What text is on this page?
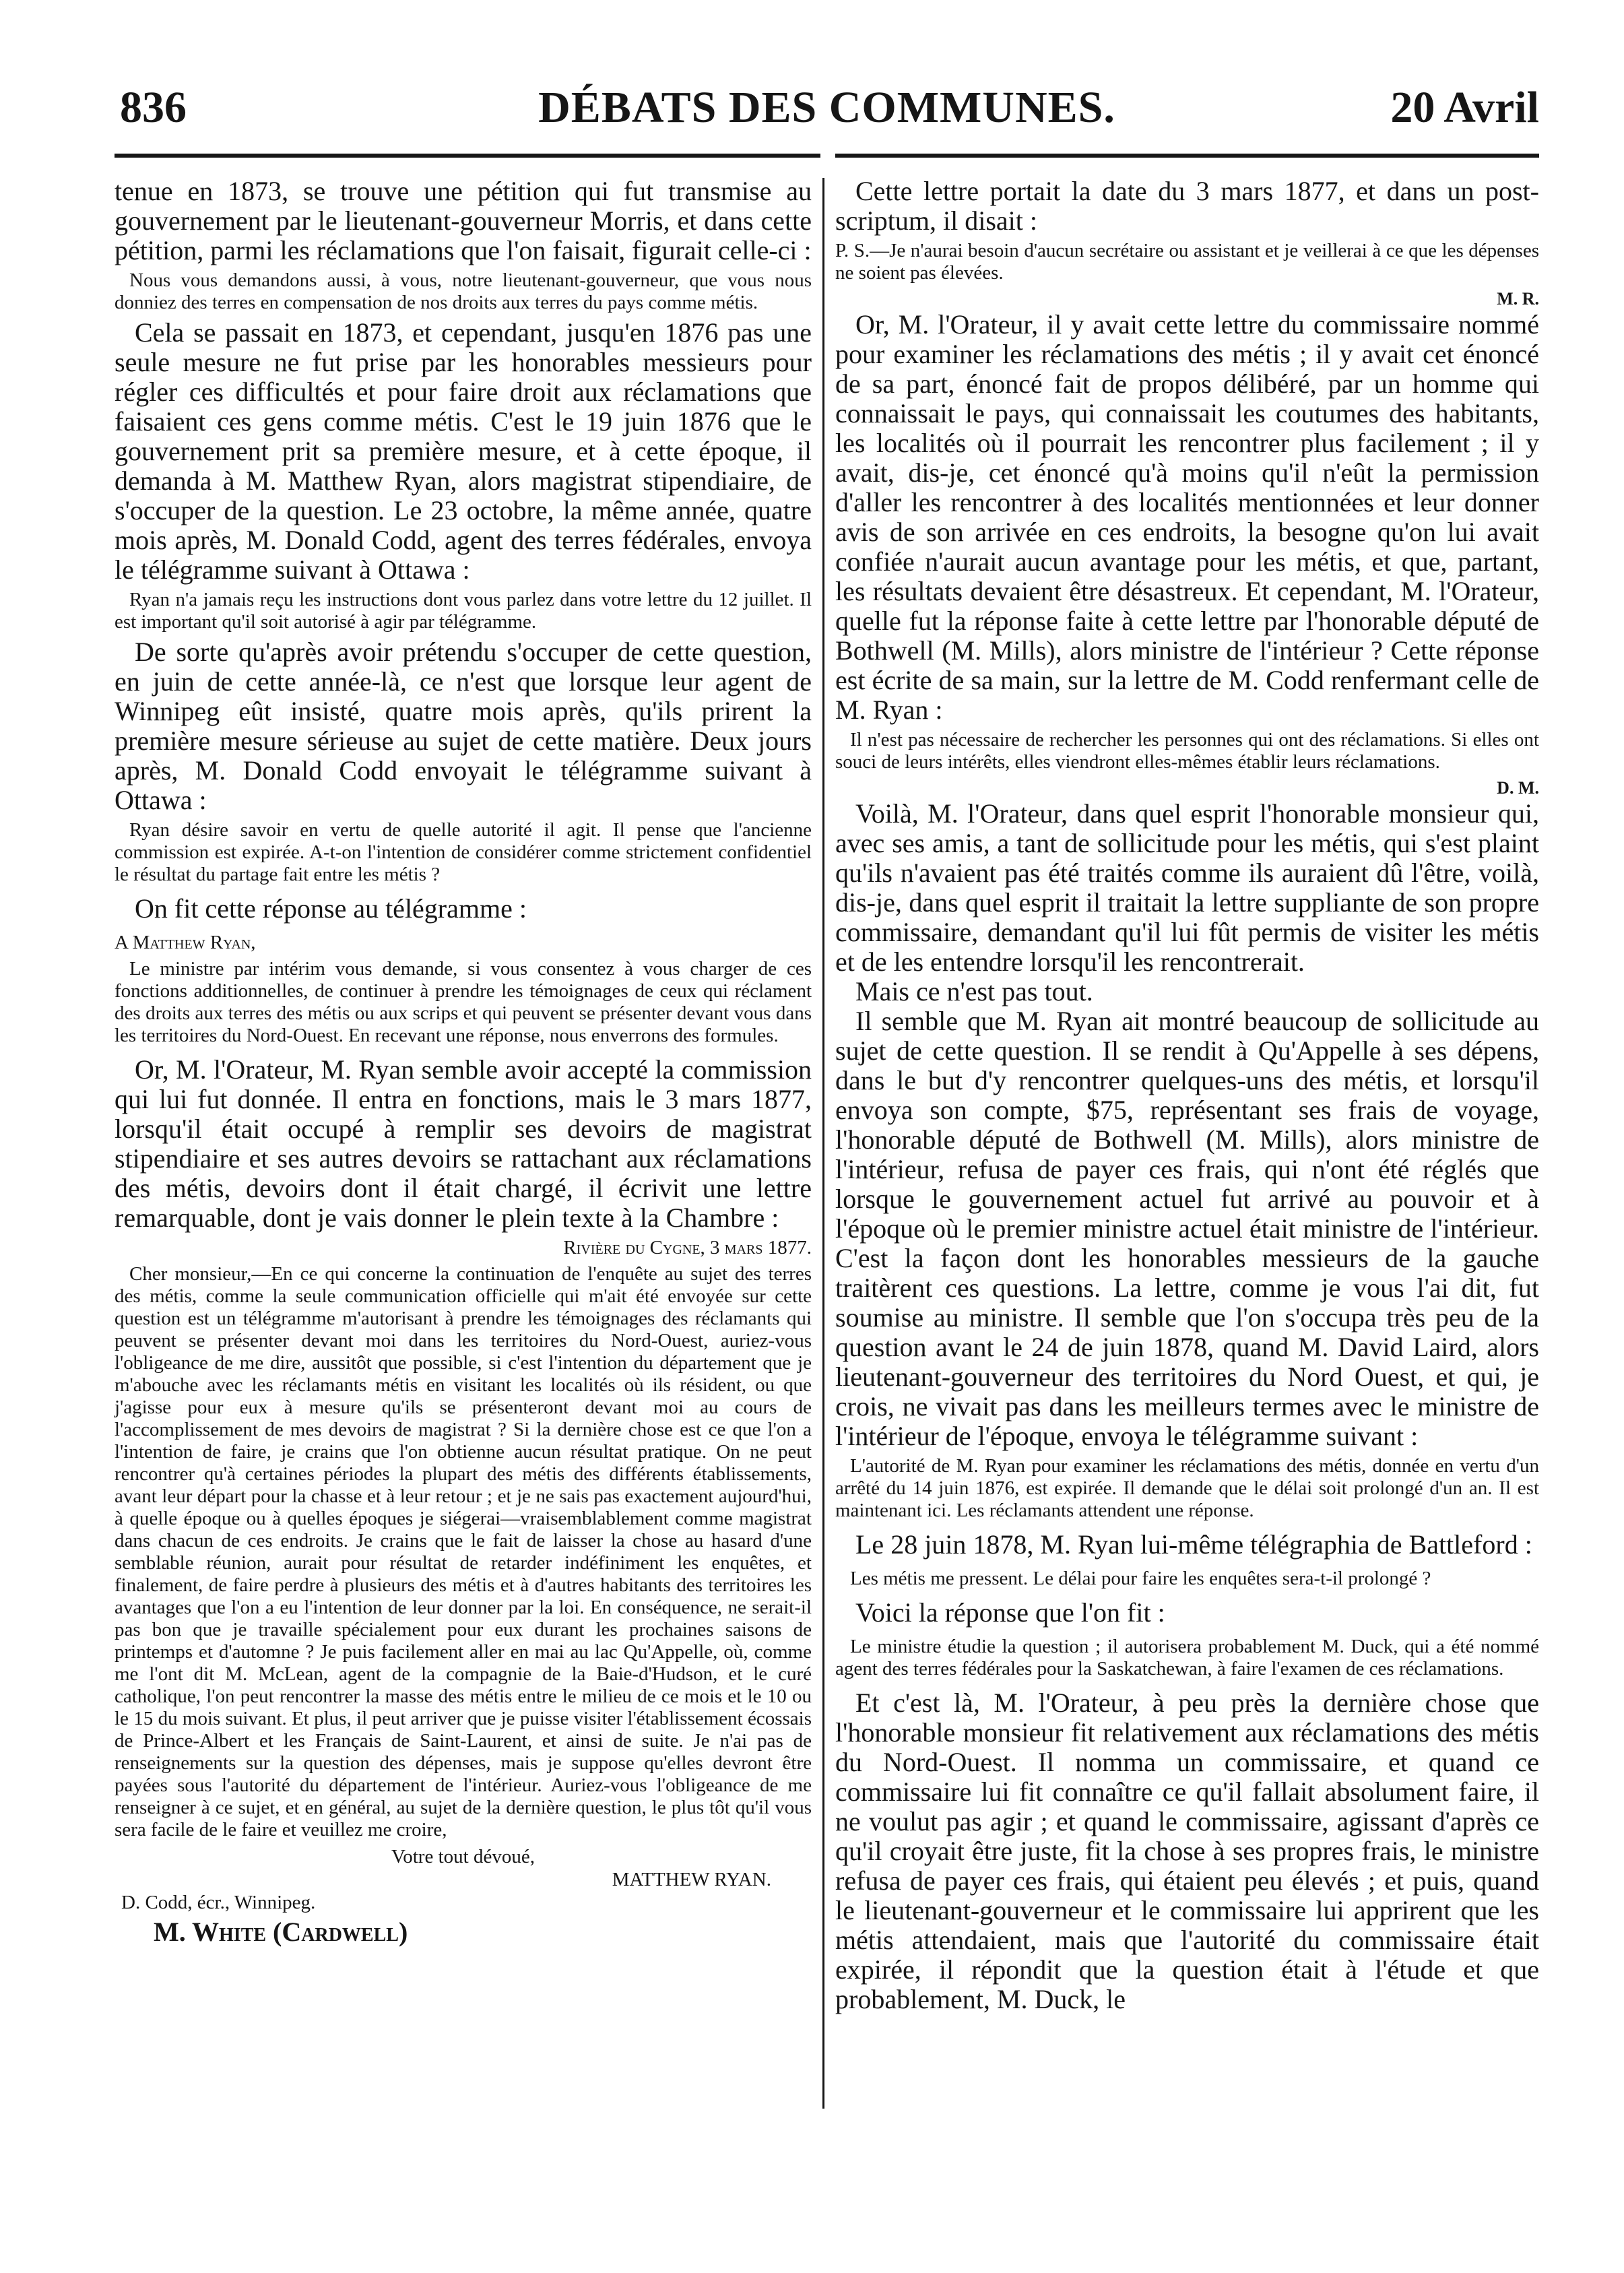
DÉBATS DES COMMUNES.
836	20 Avril

tenue en 1873, se trouve une pétition qui fut transmise au gouvernement par le lieutenant-gouverneur Morris, et dans cette pétition, parmi les réclamations que l'on faisait, figurait celle-ci :

Nous vous demandons aussi, à vous, notre lieutenant-gouverneur, que vous nous donniez des terres en compensation de nos droits aux terres du pays comme métis.

Cela se passait en 1873, et cependant, jusqu'en 1876 pas une seule mesure ne fut prise par les honorables messieurs pour régler ces difficultés et pour faire droit aux réclamations que faisaient ces gens comme métis. C'est le 19 juin 1876 que le gouvernement prit sa première mesure, et à cette époque, il demanda à M. Matthew Ryan, alors magistrat stipendiaire, de s'occuper de la question. Le 23 octobre, la même année, quatre mois après, M. Donald Codd, agent des terres fédérales, envoya le télégramme suivant à Ottawa :

Ryan n'a jamais reçu les instructions dont vous parlez dans votre lettre du 12 juillet. Il est important qu'il soit autorisé à agir par télégramme.

De sorte qu'après avoir prétendu s'occuper de cette question, en juin de cette année-là, ce n'est que lorsque leur agent de Winnipeg eût insisté, quatre mois après, qu'ils prirent la première mesure sérieuse au sujet de cette matière. Deux jours après, M. Donald Codd envoyait le télégramme suivant à Ottawa :

Ryan désire savoir en vertu de quelle autorité il agit. Il pense que l'ancienne commission est expirée. A-t-on l'intention de considérer comme strictement confidentiel le résultat du partage fait entre les métis ?

On fit cette réponse au télégramme :

A Matthew Ryan,

Le ministre par intérim vous demande, si vous consentez à vous charger de ces fonctions additionnelles, de continuer à prendre les témoignages de ceux qui réclament des droits aux terres des métis ou aux scrips et qui peuvent se présenter devant vous dans les territoires du Nord-Ouest. En recevant une réponse, nous enverrons des formules.

Or, M. l'Orateur, M. Ryan semble avoir accepté la commission qui lui fut donnée. Il entra en fonctions, mais le 3 mars 1877, lorsqu'il était occupé à remplir ses devoirs de magistrat stipendiaire et ses autres devoirs se rattachant aux réclamations des métis, devoirs dont il était chargé, il écrivit une lettre remarquable, dont je vais donner le plein texte à la Chambre :

Rivière du Cygne, 3 mars 1877.

Cher monsieur,—En ce qui concerne la continuation de l'enquête au sujet des terres des métis, comme la seule communication officielle qui m'ait été envoyée sur cette question est un télégramme m'autorisant à prendre les témoignages des réclamants qui peuvent se présenter devant moi dans les territoires du Nord-Ouest, auriez-vous l'obligeance de me dire, aussitôt que possible, si c'est l'intention du département que je m'abouche avec les réclamants métis en visitant les localités où ils résident, ou que j'agisse pour eux à mesure qu'ils se présenteront devant moi au cours de l'accomplissement de mes devoirs de magistrat ? Si la dernière chose est ce que l'on a l'intention de faire, je crains que l'on obtienne aucun résultat pratique. On ne peut rencontrer qu'à certaines périodes la plupart des métis des différents établissements, avant leur départ pour la chasse et à leur retour ; et je ne sais pas exactement aujourd'hui, à quelle époque ou à quelles époques je siégerai—vraisemblablement comme magistrat dans chacun de ces endroits. Je crains que le fait de laisser la chose au hasard d'une semblable réunion, aurait pour résultat de retarder indéfiniment les enquêtes, et finalement, de faire perdre à plusieurs des métis et à d'autres habitants des territoires les avantages que l'on a eu l'intention de leur donner par la loi. En conséquence, ne serait-il pas bon que je travaille spécialement pour eux durant les prochaines saisons de printemps et d'automne ? Je puis facilement aller en mai au lac Qu'Appelle, où, comme me l'ont dit M. McLean, agent de la compagnie de la Baie-d'Hudson, et le curé catholique, l'on peut rencontrer la masse des métis entre le milieu de ce mois et le 10 ou le 15 du mois suivant. Et plus, il peut arriver que je puisse visiter l'établissement écossais de Prince-Albert et les Français de Saint-Laurent, et ainsi de suite. Je n'ai pas de renseignements sur la question des dépenses, mais je suppose qu'elles devront être payées sous l'autorité du département de l'intérieur. Auriez-vous l'obligeance de me renseigner à ce sujet, et en général, au sujet de la dernière question, le plus tôt qu'il vous sera facile de le faire et veuillez me croire,

Votre tout dévoué,

MATTHEW RYAN.

D. Codd, écr., Winnipeg.

M. White (Cardwell)

Cette lettre portait la date du 3 mars 1877, et dans un post-scriptum, il disait :

P. S.—Je n'aurai besoin d'aucun secrétaire ou assistant et je veillerai à ce que les dépenses ne soient pas élevées.

M. R.

Or, M. l'Orateur, il y avait cette lettre du commissaire nommé pour examiner les réclamations des métis ; il y avait cet énoncé de sa part, énoncé fait de propos délibéré, par un homme qui connaissait le pays, qui connaissait les coutumes des habitants, les localités où il pourrait les rencontrer plus facilement ; il y avait, dis-je, cet énoncé qu'à moins qu'il n'eût la permission d'aller les rencontrer à des localités mentionnées et leur donner avis de son arrivée en ces endroits, la besogne qu'on lui avait confiée n'aurait aucun avantage pour les métis, et que, partant, les résultats devaient être désastreux. Et cependant, M. l'Orateur, quelle fut la réponse faite à cette lettre par l'honorable député de Bothwell (M. Mills), alors ministre de l'intérieur ? Cette réponse est écrite de sa main, sur la lettre de M. Codd renfermant celle de M. Ryan :

Il n'est pas nécessaire de rechercher les personnes qui ont des réclamations. Si elles ont souci de leurs intérêts, elles viendront elles-mêmes établir leurs réclamations.

D. M.

Voilà, M. l'Orateur, dans quel esprit l'honorable monsieur qui, avec ses amis, a tant de sollicitude pour les métis, qui s'est plaint qu'ils n'avaient pas été traités comme ils auraient dû l'être, voilà, dis-je, dans quel esprit il traitait la lettre suppliante de son propre commissaire, demandant qu'il lui fût permis de visiter les métis et de les entendre lorsqu'il les rencontrerait.

Mais ce n'est pas tout.

Il semble que M. Ryan ait montré beaucoup de sollicitude au sujet de cette question. Il se rendit à Qu'Appelle à ses dépens, dans le but d'y rencontrer quelques-uns des métis, et lorsqu'il envoya son compte, $75, représentant ses frais de voyage, l'honorable député de Bothwell (M. Mills), alors ministre de l'intérieur, refusa de payer ces frais, qui n'ont été réglés que lorsque le gouvernement actuel fut arrivé au pouvoir et à l'époque où le premier ministre actuel était ministre de l'intérieur. C'est la façon dont les honorables messieurs de la gauche traitèrent ces questions. La lettre, comme je vous l'ai dit, fut soumise au ministre. Il semble que l'on s'occupa très peu de la question avant le 24 de juin 1878, quand M. David Laird, alors lieutenant-gouverneur des territoires du Nord Ouest, et qui, je crois, ne vivait pas dans les meilleurs termes avec le ministre de l'intérieur de l'époque, envoya le télégramme suivant :

L'autorité de M. Ryan pour examiner les réclamations des métis, donnée en vertu d'un arrêté du 14 juin 1876, est expirée. Il demande que le délai soit prolongé d'un an. Il est maintenant ici. Les réclamants attendent une réponse.

Le 28 juin 1878, M. Ryan lui-même télégraphia de Battleford :

Les métis me pressent. Le délai pour faire les enquêtes sera-t-il prolongé ?

Voici la réponse que l'on fit :

Le ministre étudie la question ; il autorisera probablement M. Duck, qui a été nommé agent des terres fédérales pour la Saskatchewan, à faire l'examen de ces réclamations.

Et c'est là, M. l'Orateur, à peu près la dernière chose que l'honorable monsieur fit relativement aux réclamations des métis du Nord-Ouest. Il nomma un commissaire, et quand ce commissaire lui fit connaître ce qu'il fallait absolument faire, il ne voulut pas agir ; et quand le commissaire, agissant d'après ce qu'il croyait être juste, fit la chose à ses propres frais, le ministre refusa de payer ces frais, qui étaient peu élevés ; et puis, quand le lieutenant-gouverneur et le commissaire lui apprirent que les métis attendaient, mais que l'autorité du commissaire était expirée, il répondit que la question était à l'étude et que probablement, M. Duck, le
